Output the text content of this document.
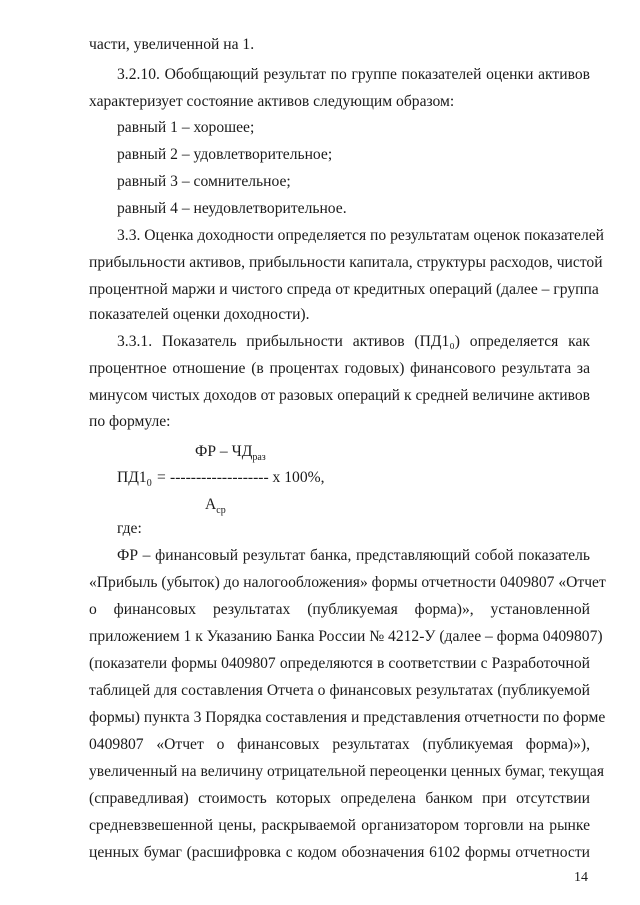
части, увеличенной на 1.
3.2.10. Обобщающий результат по группе показателей оценки активов
характеризует состояние активов следующим образом:
равный 1 – хорошее;
равный 2 – удовлетворительное;
равный 3 – сомнительное;
равный 4 – неудовлетворительное.
3.3. Оценка доходности определяется по результатам оценок показателей
прибыльности активов, прибыльности капитала, структуры расходов, чистой
процентной маржи и чистого спреда от кредитных операций (далее – группа
показателей оценки доходности).
3.3.1. Показатель прибыльности активов (ПД1₀) определяется как
процентное отношение (в процентах годовых) финансового результата за
минусом чистых доходов от разовых операций к средней величине активов
по формуле:
ФР – $ЧД_{раз}$
$ПД1_0$ = ------------------- x 100%,
$А_{ср}$
где:
ФР – финансовый результат банка, представляющий собой показатель
«Прибыль (убыток) до налогообложения» формы отчетности 0409807 «Отчет
о финансовых результатах (публикуемая форма)», установленной
приложением 1 к Указанию Банка России № 4212-У (далее – форма 0409807)
(показатели формы 0409807 определяются в соответствии с Разработочной
таблицей для составления Отчета о финансовых результатах (публикуемой
формы) пункта 3 Порядка составления и представления отчетности по форме
0409807 «Отчет о финансовых результатах (публикуемая форма)»),
увеличенный на величину отрицательной переоценки ценных бумаг, текущая
(справедливая) стоимость которых определена банком при отсутствии
средневзвешенной цены, раскрываемой организатором торговли на рынке
ценных бумаг (расшифровка с кодом обозначения 6102 формы отчетности
14
